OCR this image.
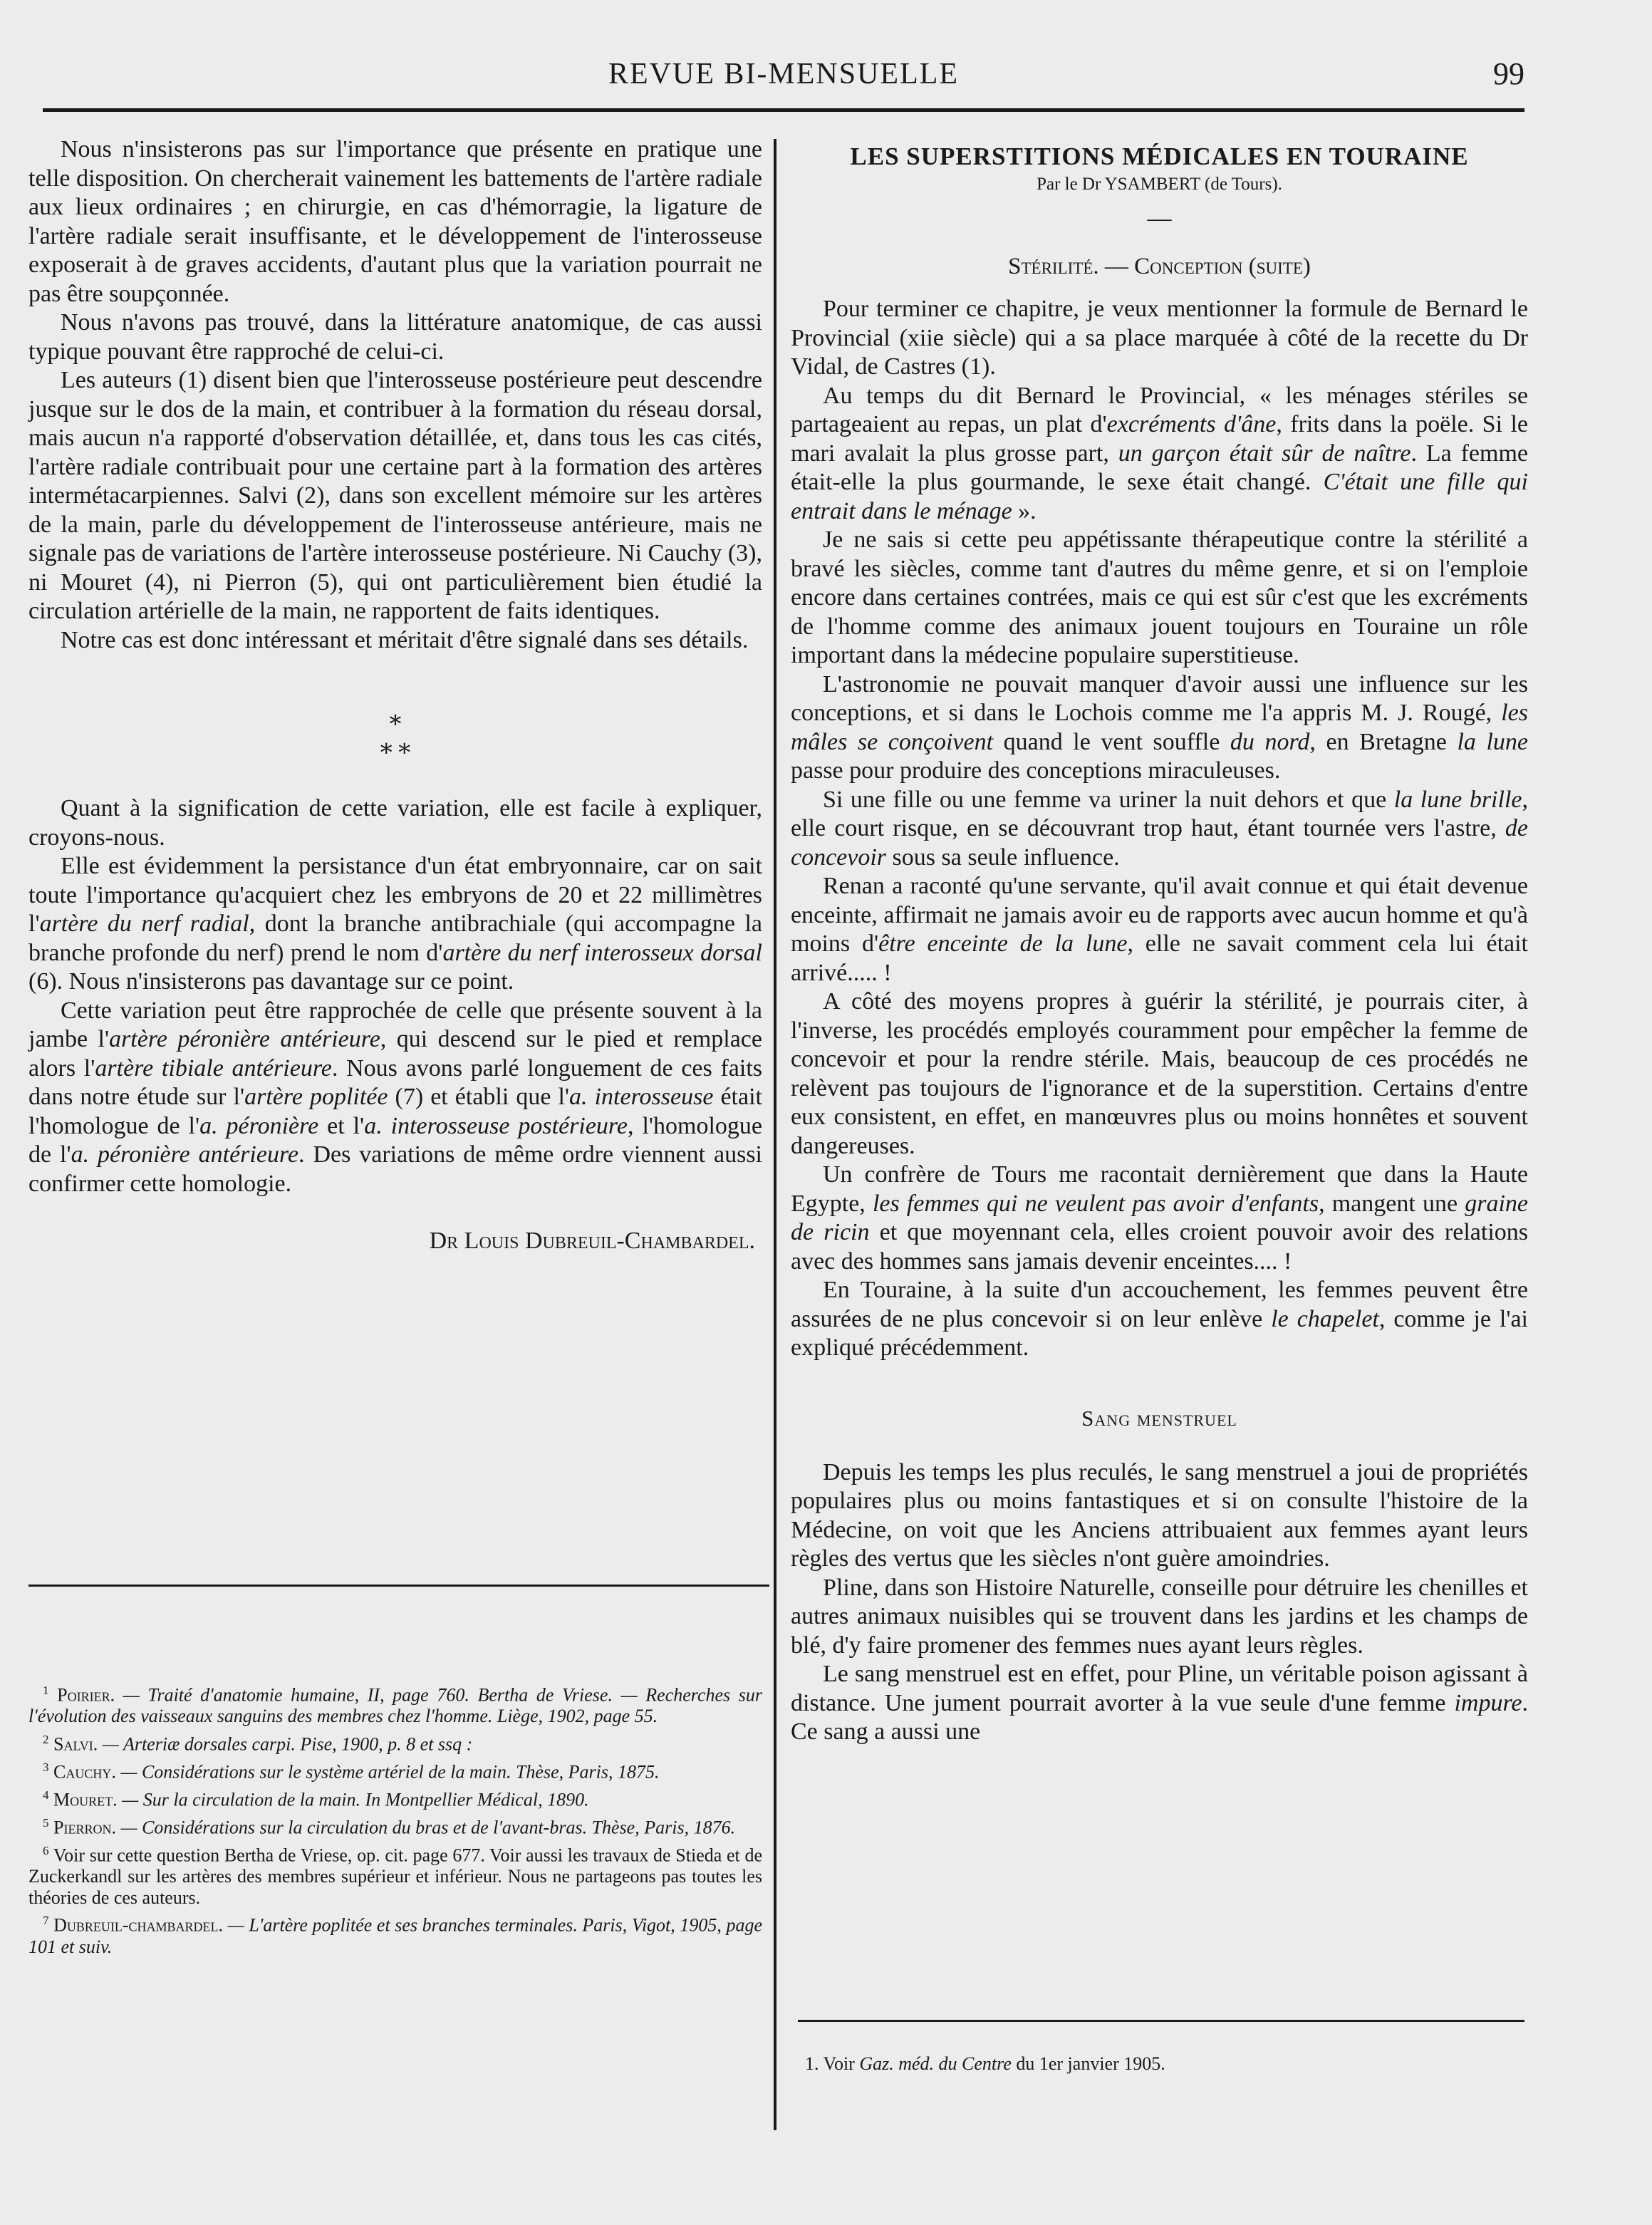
REVUE BI-MENSUELLE	99

Nous n'insisterons pas sur l'importance que présente en pratique une telle disposition. On chercherait vainement les battements de l'artère radiale aux lieux ordinaires ; en chirurgie, en cas d'hémorragie, la ligature de l'artère radiale serait insuffisante, et le développement de l'interosseuse exposerait à de graves accidents, d'autant plus que la variation pourrait ne pas être soupçonnée.

Nous n'avons pas trouvé, dans la littérature anatomique, de cas aussi typique pouvant être rapproché de celui-ci.

Les auteurs (1) disent bien que l'interosseuse postérieure peut descendre jusque sur le dos de la main, et contribuer à la formation du réseau dorsal, mais aucun n'a rapporté d'observation détaillée, et, dans tous les cas cités, l'artère radiale contribuait pour une certaine part à la formation des artères intermétacarpiennes. Salvi (2), dans son excellent mémoire sur les artères de la main, parle du développement de l'interosseuse antérieure, mais ne signale pas de variations de l'artère interosseuse postérieure. Ni Cauchy (3), ni Mouret (4), ni Pierron (5), qui ont particulièrement bien étudié la circulation artérielle de la main, ne rapportent de faits identiques.

Notre cas est donc intéressant et méritait d'être signalé dans ses détails.

⁎
⁎ ⁎

Quant à la signification de cette variation, elle est facile à expliquer, croyons-nous.

Elle est évidemment la persistance d'un état embryonnaire, car on sait toute l'importance qu'acquiert chez les embryons de 20 et 22 millimètres l'artère du nerf radial, dont la branche antibrachiale (qui accompagne la branche profonde du nerf) prend le nom d'artère du nerf interosseux dorsal (6). Nous n'insisterons pas davantage sur ce point.

Cette variation peut être rapprochée de celle que présente souvent à la jambe l'artère péronière antérieure, qui descend sur le pied et remplace alors l'artère tibiale antérieure. Nous avons parlé longuement de ces faits dans notre étude sur l'artère poplitée (7) et établi que l'a. interosseuse était l'homologue de l'a. péronière et l'a. interosseuse postérieure, l'homologue de l'a. péronière antérieure. Des variations de même ordre viennent aussi confirmer cette homologie.

Dr Louis Dubreuil-Chambardel.

$^1$ Poirier. — Traité d'anatomie humaine, II, page 760. Bertha de Vriese. — Recherches sur l'évolution des vaisseaux sanguins des membres chez l'homme. Liège, 1902, page 55.

$^2$ Salvi. — Arteriæ dorsales carpi. Pise, 1900, p. 8 et ssq :

$^3$ Cauchy. — Considérations sur le système artériel de la main. Thèse, Paris, 1875.

$^4$ Mouret. — Sur la circulation de la main. In Montpellier Médical, 1890.

$^5$ Pierron. — Considérations sur la circulation du bras et de l'avant-bras. Thèse, Paris, 1876.

$^6$ Voir sur cette question Bertha de Vriese, op. cit. page 677. Voir aussi les travaux de Stieda et de Zuckerkandl sur les artères des membres supérieur et inférieur. Nous ne partageons pas toutes les théories de ces auteurs.

$^7$ Dubreuil-chambardel. — L'artère poplitée et ses branches terminales. Paris, Vigot, 1905, page 101 et suiv.

LES SUPERSTITIONS MÉDICALES EN TOURAINE
Par le Dr YSAMBERT (de Tours).
—
Stérilité. — Conception (suite)

Pour terminer ce chapitre, je veux mentionner la formule de Bernard le Provincial (xiie siècle) qui a sa place marquée à côté de la recette du Dr Vidal, de Castres (1).

Au temps du dit Bernard le Provincial, « les ménages stériles se partageaient au repas, un plat d'excréments d'âne, frits dans la poële. Si le mari avalait la plus grosse part, un garçon était sûr de naître. La femme était-elle la plus gourmande, le sexe était changé. C'était une fille qui entrait dans le ménage ».

Je ne sais si cette peu appétissante thérapeutique contre la stérilité a bravé les siècles, comme tant d'autres du même genre, et si on l'emploie encore dans certaines contrées, mais ce qui est sûr c'est que les excréments de l'homme comme des animaux jouent toujours en Touraine un rôle important dans la médecine populaire superstitieuse.

L'astronomie ne pouvait manquer d'avoir aussi une influence sur les conceptions, et si dans le Lochois comme me l'a appris M. J. Rougé, les mâles se conçoivent quand le vent souffle du nord, en Bretagne la lune passe pour produire des conceptions miraculeuses.

Si une fille ou une femme va uriner la nuit dehors et que la lune brille, elle court risque, en se découvrant trop haut, étant tournée vers l'astre, de concevoir sous sa seule influence.

Renan a raconté qu'une servante, qu'il avait connue et qui était devenue enceinte, affirmait ne jamais avoir eu de rapports avec aucun homme et qu'à moins d'être enceinte de la lune, elle ne savait comment cela lui était arrivé..... !

A côté des moyens propres à guérir la stérilité, je pourrais citer, à l'inverse, les procédés employés couramment pour empêcher la femme de concevoir et pour la rendre stérile. Mais, beaucoup de ces procédés ne relèvent pas toujours de l'ignorance et de la superstition. Certains d'entre eux consistent, en effet, en manœuvres plus ou moins honnêtes et souvent dangereuses.

Un confrère de Tours me racontait dernièrement que dans la Haute Egypte, les femmes qui ne veulent pas avoir d'enfants, mangent une graine de ricin et que moyennant cela, elles croient pouvoir avoir des relations avec des hommes sans jamais devenir enceintes.... !

En Touraine, à la suite d'un accouchement, les femmes peuvent être assurées de ne plus concevoir si on leur enlève le chapelet, comme je l'ai expliqué précédemment.

Sang menstruel

Depuis les temps les plus reculés, le sang menstruel a joui de propriétés populaires plus ou moins fantastiques et si on consulte l'histoire de la Médecine, on voit que les Anciens attribuaient aux femmes ayant leurs règles des vertus que les siècles n'ont guère amoindries.

Pline, dans son Histoire Naturelle, conseille pour détruire les chenilles et autres animaux nuisibles qui se trouvent dans les jardins et les champs de blé, d'y faire promener des femmes nues ayant leurs règles.

Le sang menstruel est en effet, pour Pline, un véritable poison agissant à distance. Une jument pourrait avorter à la vue seule d'une femme impure. Ce sang a aussi une

1. Voir Gaz. méd. du Centre du 1er janvier 1905.
